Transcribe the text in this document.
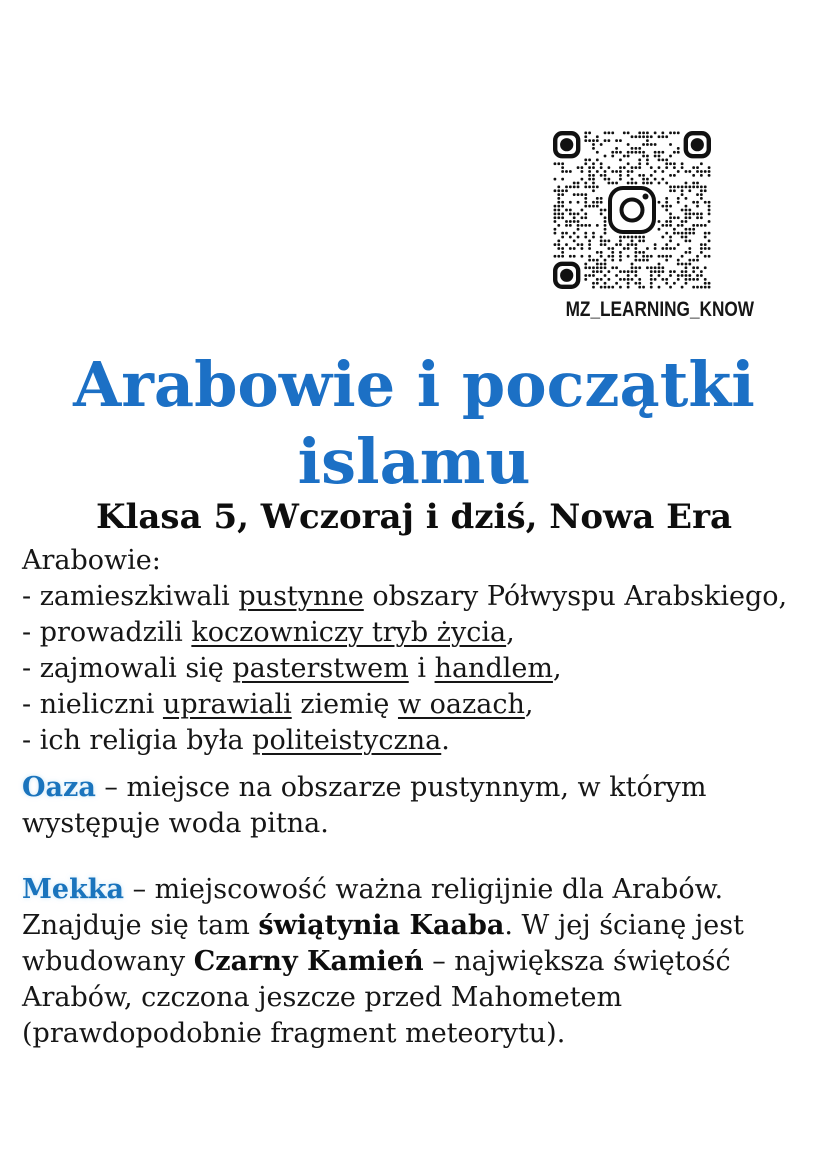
MZ_LEARNING_KNOW
Arabowie i początki
islamu
Klasa 5, Wczoraj i dziś, Nowa Era
Arabowie:
- zamieszkiwali pustynne obszary Półwyspu Arabskiego,
- prowadzili koczowniczy tryb życia,
- zajmowali się pasterstwem i handlem,
- nieliczni uprawiali ziemię w oazach,
- ich religia była politeistyczna.
Oaza – miejsce na obszarze pustynnym, w którym
występuje woda pitna.
Mekka – miejscowość ważna religijnie dla Arabów.
Znajduje się tam świątynia Kaaba. W jej ścianę jest
wbudowany Czarny Kamień – największa świętość
Arabów, czczona jeszcze przed Mahometem
(prawdopodobnie fragment meteorytu).
